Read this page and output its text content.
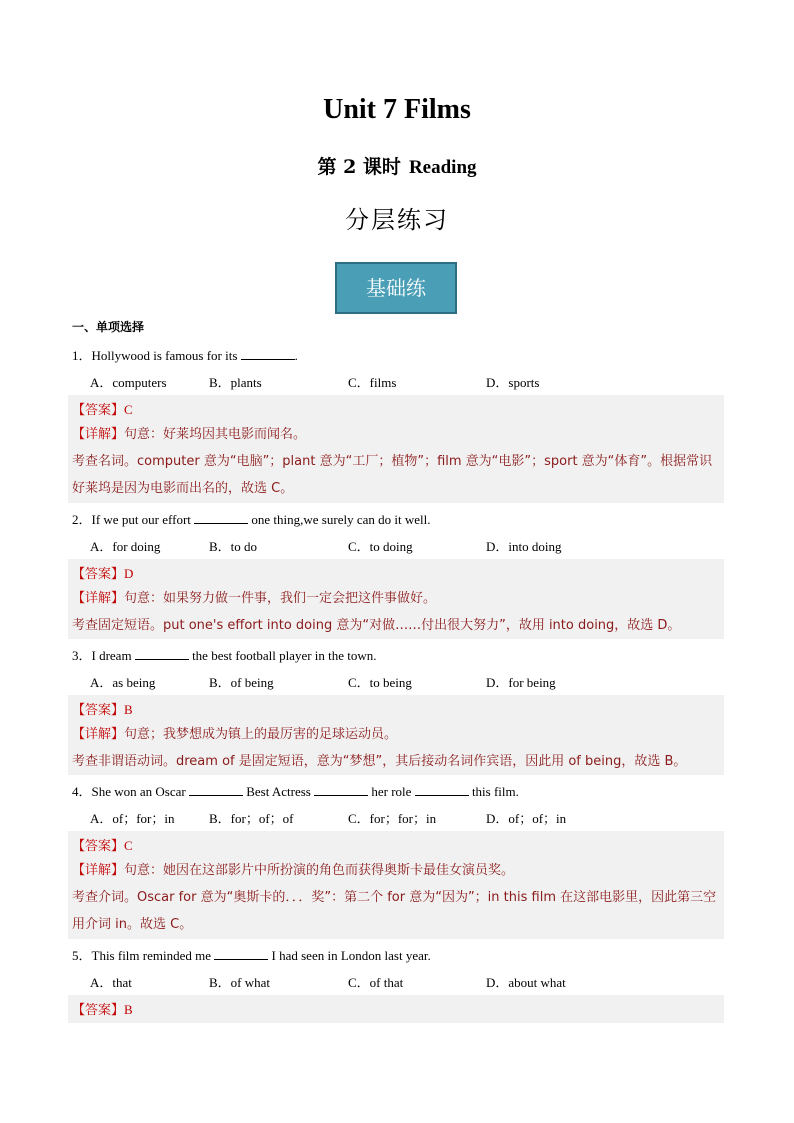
Unit 7 Films
第 2 课时 Reading
分层练习
基础练
一、单项选择
1．Hollywood is famous for its	.
A．computers	B．plants	C．films	D．sports
【答案】C
【详解】句意：好莱坞因其电影而闻名。
考查名词。computer 意为“电脑”；plant 意为“工厂；植物”；film 意为“电影”；sport 意为“体育”。根据常识好莱坞是因为电影而出名的，故选 C。
2．If we put our effort	one thing,we surely can do it well.
A．for doing	B．to do	C．to doing	D．into doing
【答案】D
【详解】句意：如果努力做一件事，我们一定会把这件事做好。
考查固定短语。put one's effort into doing 意为“对做……付出很大努力”，故用 into doing，故选 D。
3．I dream	the best football player in the town.
A．as being	B．of being	C．to being	D．for being
【答案】B
【详解】句意；我梦想成为镇上的最厉害的足球运动员。
考查非谓语动词。dream of 是固定短语，意为“梦想”，其后接动名词作宾语，因此用 of being，故选 B。
4．She won an Oscar	Best Actress	her role	this film.
A．of；for；in	B．for；of；of	C．for；for；in	D．of；of；in
【答案】C
【详解】句意：她因在这部影片中所扮演的角色而获得奥斯卡最佳女演员奖。
考查介词。Oscar for 意为“奥斯卡的．．．奖”：第二个 for 意为“因为”；in this film 在这部电影里，因此第三空用介词 in。故选 C。
5．This film reminded me	I had seen in London last year.
A．that	B．of what	C．of that	D．about what
【答案】B
